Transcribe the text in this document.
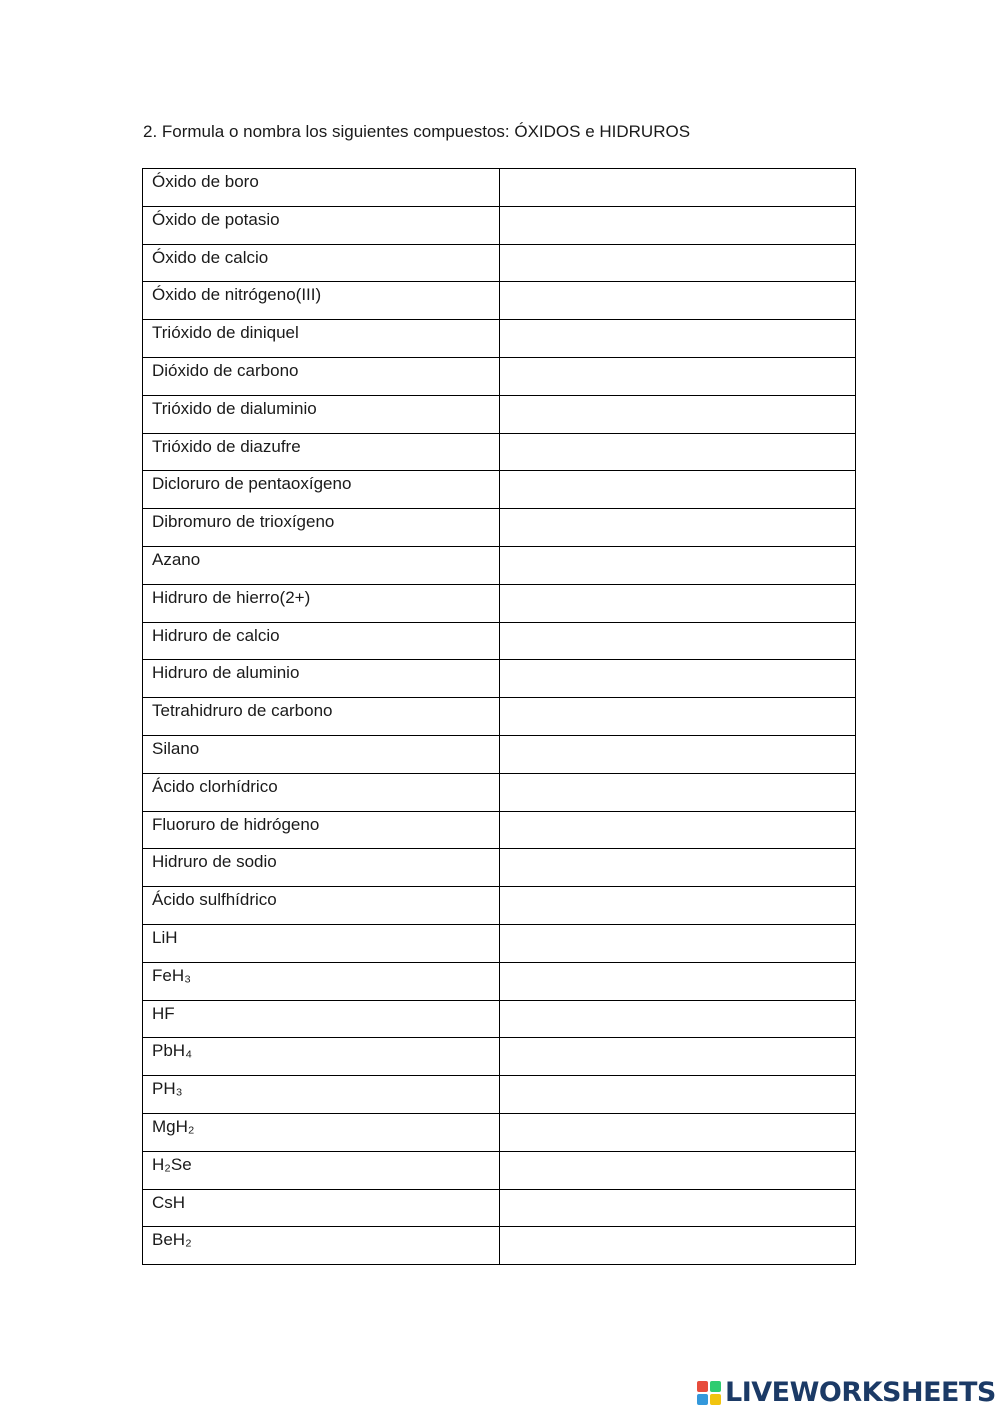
2. Formula o nombra los siguientes compuestos: ÓXIDOS e HIDRUROS
Óxido de boro	
Óxido de potasio	
Óxido de calcio	
Óxido de nitrógeno(III)	
Trióxido de diniquel	
Dióxido de carbono	
Trióxido de dialuminio	
Trióxido de diazufre	
Dicloruro de pentaoxígeno	
Dibromuro de trioxígeno	
Azano	
Hidruro de hierro(2+)	
Hidruro de calcio	
Hidruro de aluminio	
Tetrahidruro de carbono	
Silano	
Ácido clorhídrico	
Fluoruro de hidrógeno	
Hidruro de sodio	
Ácido sulfhídrico	
LiH	
FeH₃	
HF	
PbH₄	
PH₃	
MgH₂	
H₂Se	
CsH	
BeH₂	
LIVEWORKSHEETS
